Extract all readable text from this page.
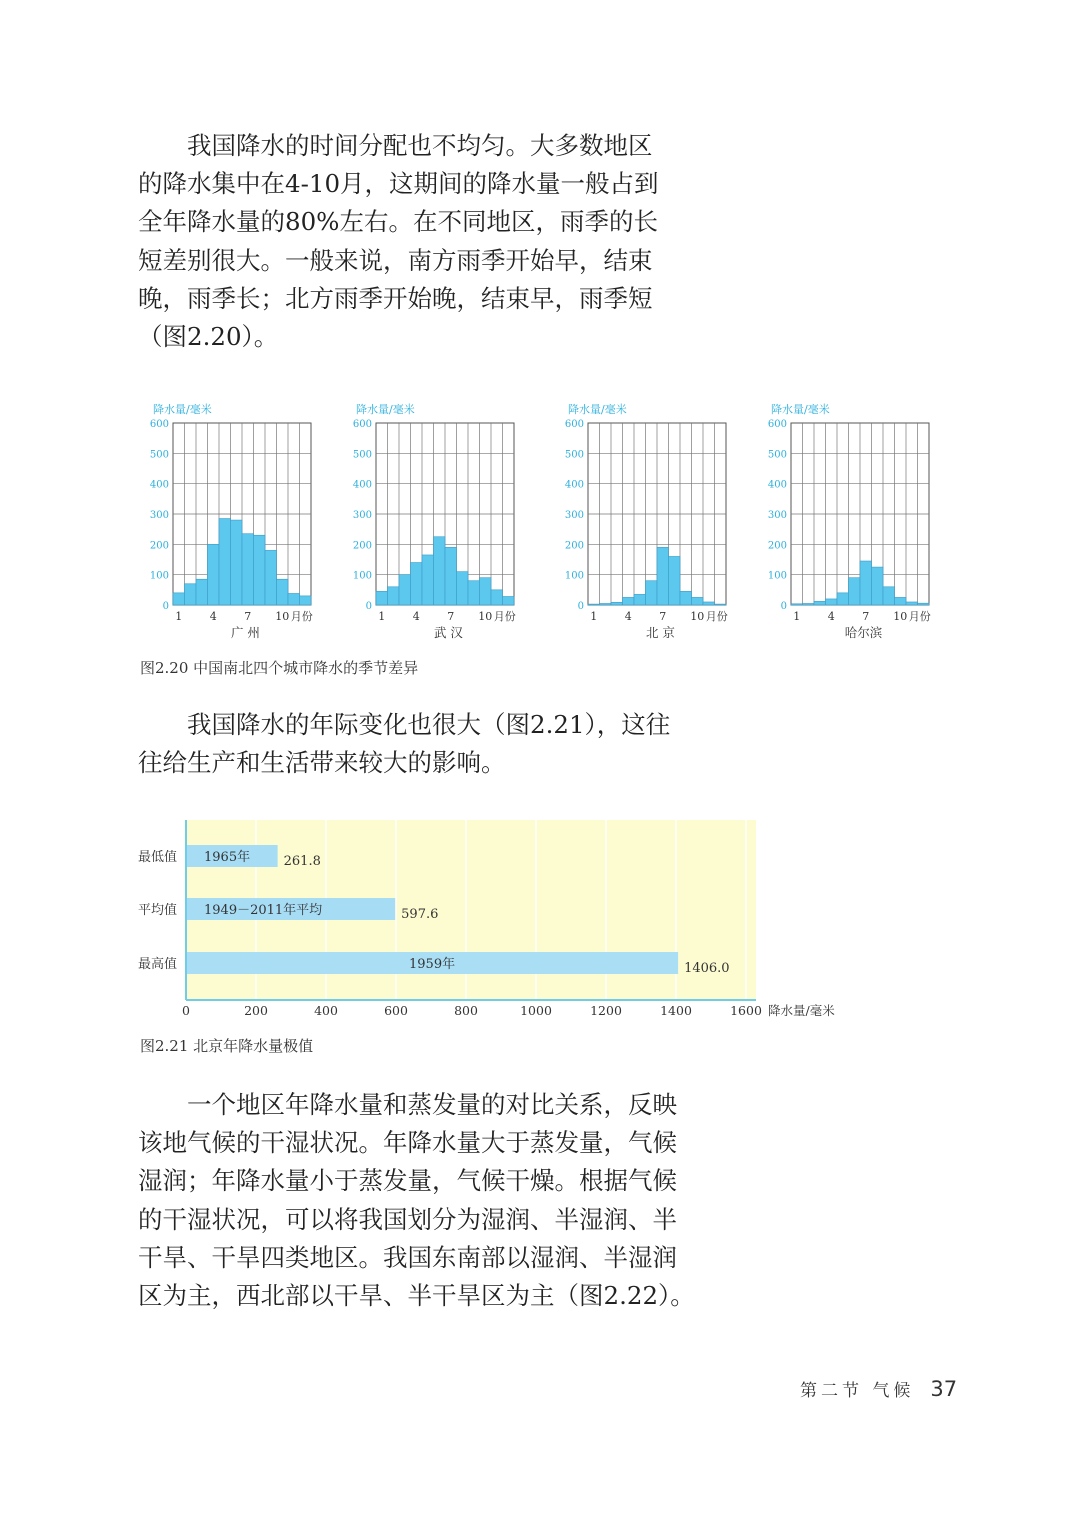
我国降水的时间分配也不均匀。大多数地区

的降水集中在4-10月，这期间的降水量一般占到

全年降水量的80%左右。在不同地区，雨季的长

短差别很大。一般来说，南方雨季开始早，结束

晚，雨季长；北方雨季开始晚，结束早，雨季短

（图2.20）。

0
100
200
300
400
500
600
降水量/毫米
1	4	7 10 月份
广 州
0
100
200
300
400
500
600
降水量/毫米
1	4	7 10 月份
武 汉
0
100
200
300
400
500
600
降水量/毫米
1	4	7 10 月份
北 京
0
100
200
300
400
500
600
降水量/毫米
1	4	7 10 月份
哈尔滨
图2.20 中国南北四个城市降水的季节差异

我国降水的年际变化也很大（图2.21），这往

往给生产和生活带来较大的影响。

0	200	400	600	800	1000	1200	1400	1600 降水量/毫米
最低值 1965年	261.8
平均值 1949－2011年平均	597.6
最高值	1959年	1406.0
图2.21 北京年降水量极值

一个地区年降水量和蒸发量的对比关系，反映

该地气候的干湿状况。年降水量大于蒸发量，气候

湿润；年降水量小于蒸发量，气候干燥。根据气候

的干湿状况，可以将我国划分为湿润、半湿润、半

干旱、干旱四类地区。我国东南部以湿润、半湿润

区为主，西北部以干旱、半干旱区为主（图2.22）。

第二节 气候 37
